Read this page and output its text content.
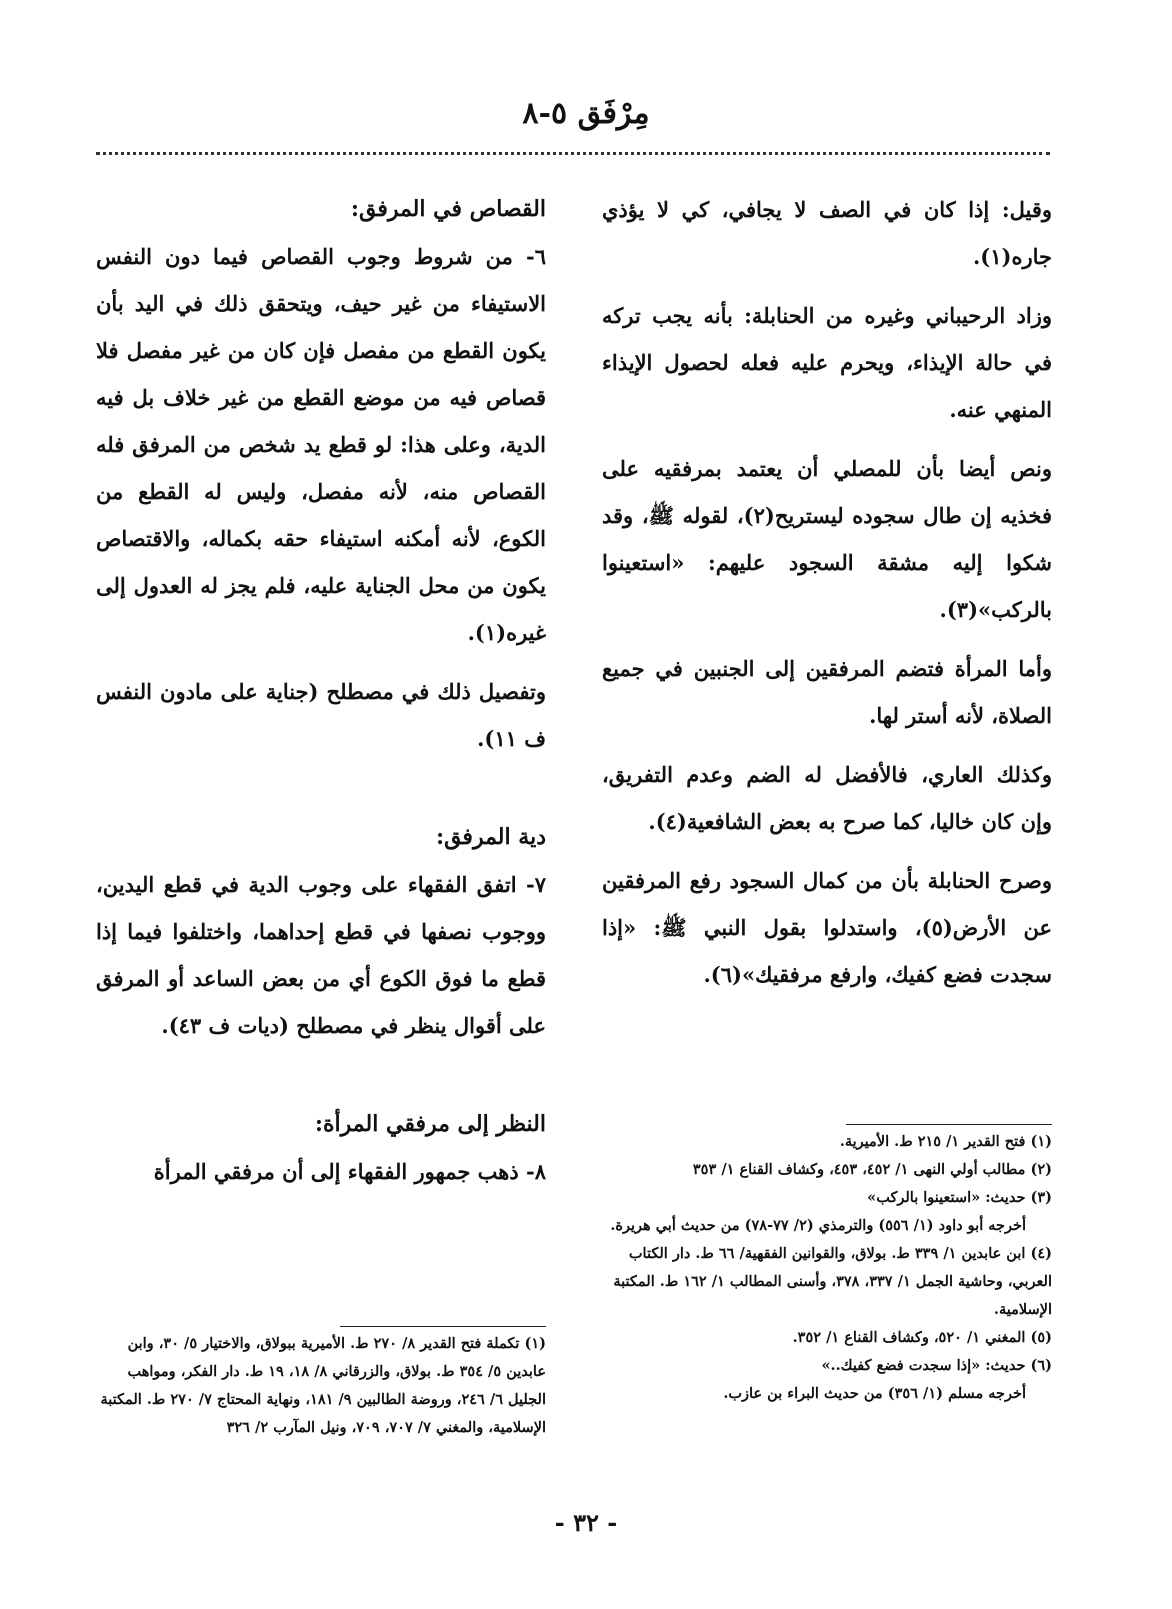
مِرْفَق ٥-٨

وقيل: إذا كان في الصف لا يجافي، كي لا يؤذي جاره(١).

وزاد الرحيباني وغيره من الحنابلة: بأنه يجب تركه في حالة الإيذاء، ويحرم عليه فعله لحصول الإيذاء المنهي عنه.

ونص أيضا بأن للمصلي أن يعتمد بمرفقيه على فخذيه إن طال سجوده ليستريح(٢)، لقوله ﷺ، وقد شكوا إليه مشقة السجود عليهم: «استعينوا بالركب»(٣).

وأما المرأة فتضم المرفقين إلى الجنبين في جميع الصلاة، لأنه أستر لها.

وكذلك العاري، فالأفضل له الضم وعدم التفريق، وإن كان خاليا، كما صرح به بعض الشافعية(٤).

وصرح الحنابلة بأن من كمال السجود رفع المرفقين عن الأرض(٥)، واستدلوا بقول النبي ﷺ: «إذا سجدت فضع كفيك، وارفع مرفقيك»(٦).

القصاص في المرفق:

٦- من شروط وجوب القصاص فيما دون النفس الاستيفاء من غير حيف، ويتحقق ذلك في اليد بأن يكون القطع من مفصل فإن كان من غير مفصل فلا قصاص فيه من موضع القطع من غير خلاف بل فيه الدية، وعلى هذا: لو قطع يد شخص من المرفق فله القصاص منه، لأنه مفصل، وليس له القطع من الكوع، لأنه أمكنه استيفاء حقه بكماله، والاقتصاص يكون من محل الجناية عليه، فلم يجز له العدول إلى غيره(١).

وتفصيل ذلك في مصطلح (جناية على مادون النفس ف ١١).

دية المرفق:

٧- اتفق الفقهاء على وجوب الدية في قطع اليدين، ووجوب نصفها في قطع إحداهما، واختلفوا فيما إذا قطع ما فوق الكوع أي من بعض الساعد أو المرفق على أقوال ينظر في مصطلح (ديات ف ٤٣).

النظر إلى مرفقي المرأة:

٨- ذهب جمهور الفقهاء إلى أن مرفقي المرأة

(١) فتح القدير ١/ ٢١٥ ط. الأميرية.

(٢) مطالب أولي النهى ١/ ٤٥٢، ٤٥٣، وكشاف القناع ١/ ٣٥٣

(٣) حديث: «استعينوا بالركب»

أخرجه أبو داود (١/ ٥٥٦) والترمذي (٢/ ٧٧-٧٨) من حديث أبي هريرة.

(٤) ابن عابدين ١/ ٣٣٩ ط. بولاق، والقوانين الفقهية/ ٦٦ ط. دار الكتاب العربي، وحاشية الجمل ١/ ٣٣٧، ٣٧٨، وأسنى المطالب ١/ ١٦٢ ط. المكتبة الإسلامية.

(٥) المغني ١/ ٥٢٠، وكشاف القناع ١/ ٣٥٢.

(٦) حديث: «إذا سجدت فضع كفيك..»

أخرجه مسلم (١/ ٣٥٦) من حديث البراء بن عازب.

(١) تكملة فتح القدير ٨/ ٢٧٠ ط. الأميرية ببولاق، والاختيار ٥/ ٣٠، وابن عابدين ٥/ ٣٥٤ ط. بولاق، والزرقاني ٨/ ١٨، ١٩ ط. دار الفكر، ومواهب الجليل ٦/ ٢٤٦، وروضة الطالبين ٩/ ١٨١، ونهاية المحتاج ٧/ ٢٧٠ ط. المكتبة الإسلامية، والمغني ٧/ ٧٠٧، ٧٠٩، ونيل المآرب ٢/ ٣٢٦

- ٣٢ -
